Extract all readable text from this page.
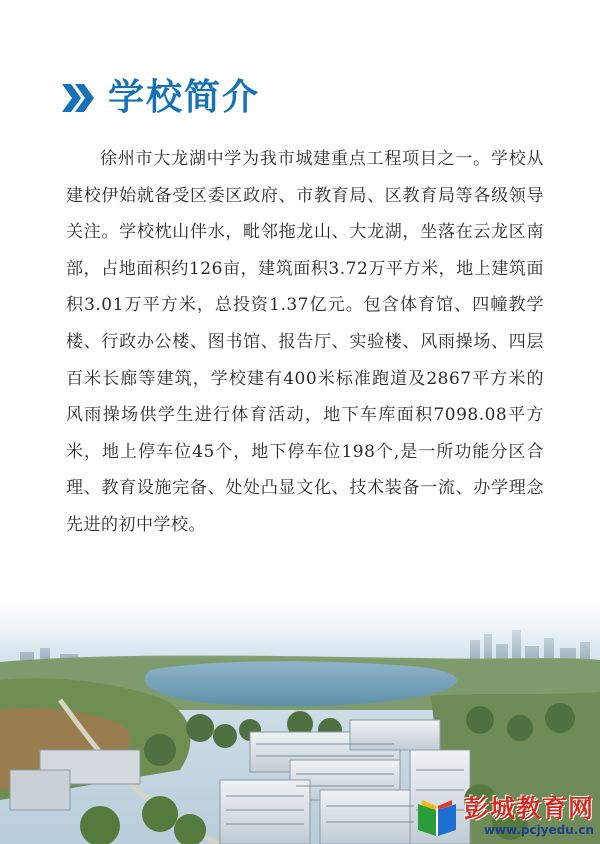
学校简介
徐州市大龙湖中学为我市城建重点工程项目之一。学校从建校伊始就备受区委区政府、市教育局、区教育局等各级领导关注。学校枕山伴水，毗邻拖龙山、大龙湖，坐落在云龙区南部，占地面积约126亩，建筑面积3.72万平方米，地上建筑面积3.01万平方米，总投资1.37亿元。包含体育馆、四幢教学楼、行政办公楼、图书馆、报告厅、实验楼、风雨操场、四层百米长廊等建筑，学校建有400米标准跑道及2867平方米的风雨操场供学生进行体育活动，地下车库面积7098.08平方米，地上停车位45个，地下停车位198个,是一所功能分区合理、教育设施完备、处处凸显文化、技术装备一流、办学理念先进的初中学校。
彭城教育网
www.pcjyedu.cn
